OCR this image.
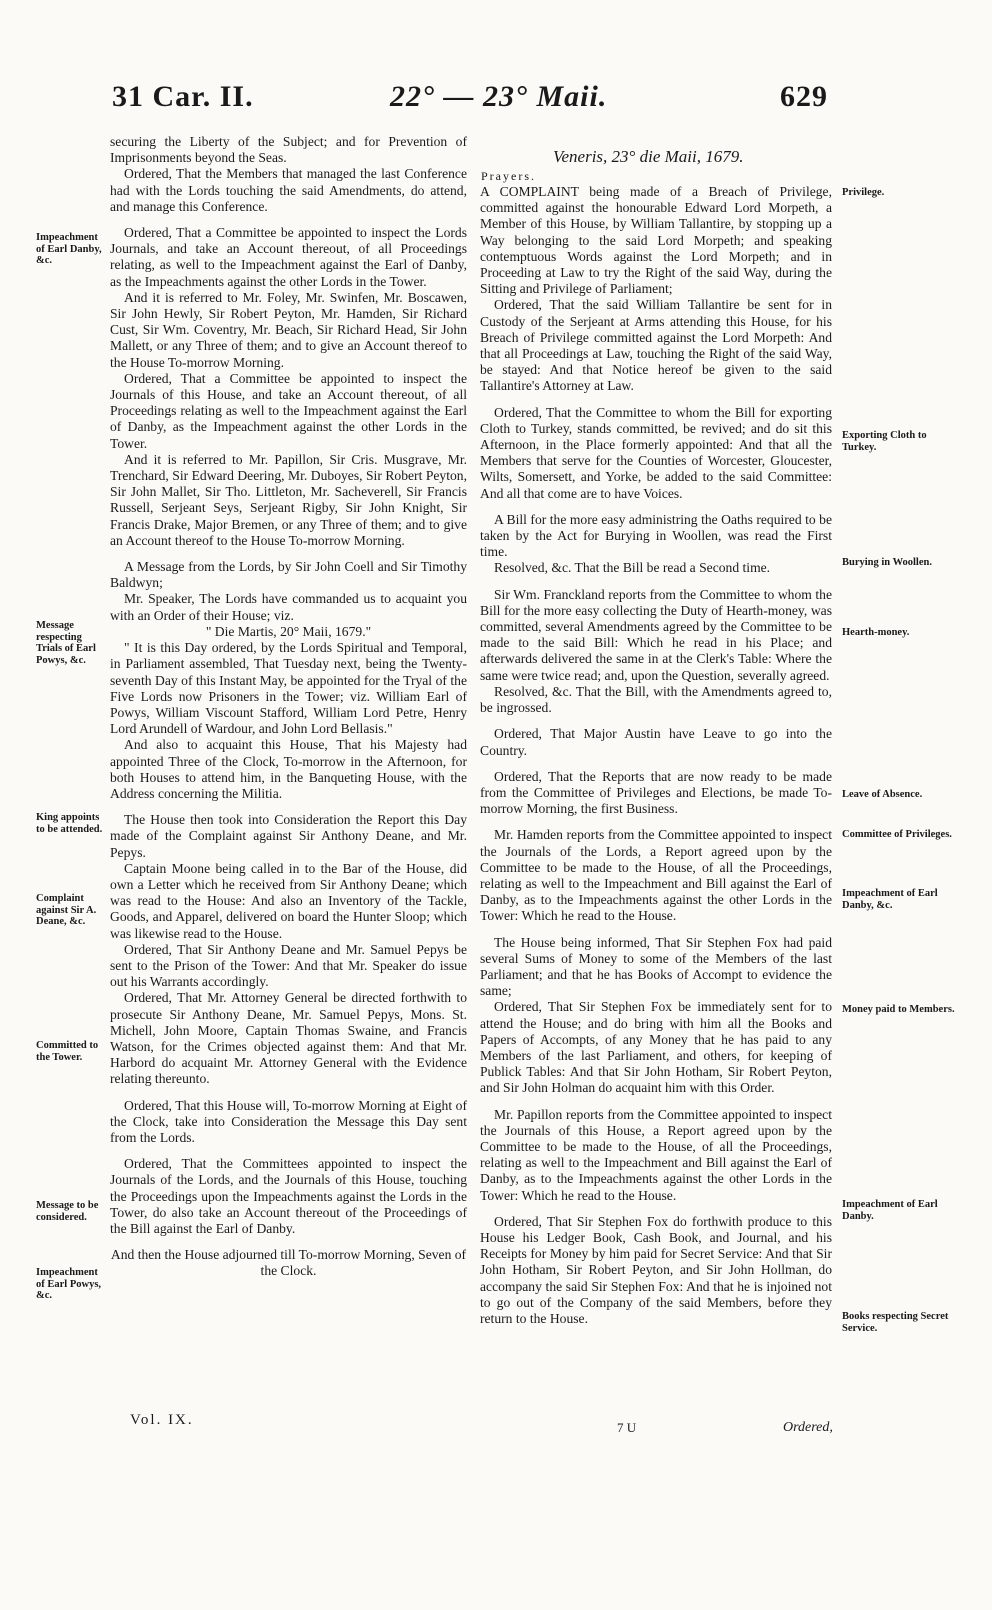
31 Car. II.	22° — 23° Maii.	629

securing the Liberty of the Subject; and for Prevention of Imprisonments beyond the Seas.

Ordered, That the Members that managed the last Conference had with the Lords touching the said Amendments, do attend, and manage this Conference.

Ordered, That a Committee be appointed to inspect the Lords Journals, and take an Account thereout, of all Proceedings relating, as well to the Impeachment against the Earl of Danby, as the Impeachments against the other Lords in the Tower.

And it is referred to Mr. Foley, Mr. Swinfen, Mr. Boscawen, Sir John Hewly, Sir Robert Peyton, Mr. Hamden, Sir Richard Cust, Sir Wm. Coventry, Mr. Beach, Sir Richard Head, Sir John Mallett, or any Three of them; and to give an Account thereof to the House To-morrow Morning.

Ordered, That a Committee be appointed to inspect the Journals of this House, and take an Account thereout, of all Proceedings relating as well to the Impeachment against the Earl of Danby, as the Impeachment against the other Lords in the Tower.

And it is referred to Mr. Papillon, Sir Cris. Musgrave, Mr. Trenchard, Sir Edward Deering, Mr. Duboyes, Sir Robert Peyton, Sir John Mallet, Sir Tho. Littleton, Mr. Sacheverell, Sir Francis Russell, Serjeant Seys, Serjeant Rigby, Sir John Knight, Sir Francis Drake, Major Bremen, or any Three of them; and to give an Account thereof to the House To-morrow Morning.

A Message from the Lords, by Sir John Coell and Sir Timothy Baldwyn;

Mr. Speaker, The Lords have commanded us to acquaint you with an Order of their House; viz.

" Die Martis, 20° Maii, 1679."

" It is this Day ordered, by the Lords Spiritual and Temporal, in Parliament assembled, That Tuesday next, being the Twenty-seventh Day of this Instant May, be appointed for the Tryal of the Five Lords now Prisoners in the Tower; viz. William Earl of Powys, William Viscount Stafford, William Lord Petre, Henry Lord Arundell of Wardour, and John Lord Bellasis."

And also to acquaint this House, That his Majesty had appointed Three of the Clock, To-morrow in the Afternoon, for both Houses to attend him, in the Banqueting House, with the Address concerning the Militia.

The House then took into Consideration the Report this Day made of the Complaint against Sir Anthony Deane, and Mr. Pepys.

Captain Moone being called in to the Bar of the House, did own a Letter which he received from Sir Anthony Deane; which was read to the House: And also an Inventory of the Tackle, Goods, and Apparel, delivered on board the Hunter Sloop; which was likewise read to the House.

Ordered, That Sir Anthony Deane and Mr. Samuel Pepys be sent to the Prison of the Tower: And that Mr. Speaker do issue out his Warrants accordingly.

Ordered, That Mr. Attorney General be directed forthwith to prosecute Sir Anthony Deane, Mr. Samuel Pepys, Mons. St. Michell, John Moore, Captain Thomas Swaine, and Francis Watson, for the Crimes objected against them: And that Mr. Harbord do acquaint Mr. Attorney General with the Evidence relating thereunto.

Ordered, That this House will, To-morrow Morning at Eight of the Clock, take into Consideration the Message this Day sent from the Lords.

Ordered, That the Committees appointed to inspect the Journals of the Lords, and the Journals of this House, touching the Proceedings upon the Impeachments against the Lords in the Tower, do also take an Account thereout of the Proceedings of the Bill against the Earl of Danby.

And then the House adjourned till To-morrow Morning, Seven of the Clock.

Impeachment of Earl Danby, &c.
Message respecting Trials of Earl Powys, &c.
King appoints to be attended.
Complaint against Sir A. Deane, &c.
Committed to the Tower.
Message to be considered.
Impeachment of Earl Powys, &c.
Veneris, 23° die Maii, 1679.
Prayers.

A COMPLAINT being made of a Breach of Privilege, committed against the honourable Edward Lord Morpeth, a Member of this House, by William Tallantire, by stopping up a Way belonging to the said Lord Morpeth; and speaking contemptuous Words against the Lord Morpeth; and in Proceeding at Law to try the Right of the said Way, during the Sitting and Privilege of Parliament;

Ordered, That the said William Tallantire be sent for in Custody of the Serjeant at Arms attending this House, for his Breach of Privilege committed against the Lord Morpeth: And that all Proceedings at Law, touching the Right of the said Way, be stayed: And that Notice hereof be given to the said Tallantire's Attorney at Law.

Ordered, That the Committee to whom the Bill for exporting Cloth to Turkey, stands committed, be revived; and do sit this Afternoon, in the Place formerly appointed: And that all the Members that serve for the Counties of Worcester, Gloucester, Wilts, Somersett, and Yorke, be added to the said Committee: And all that come are to have Voices.

A Bill for the more easy administring the Oaths required to be taken by the Act for Burying in Woollen, was read the First time.

Resolved, &c. That the Bill be read a Second time.

Sir Wm. Franckland reports from the Committee to whom the Bill for the more easy collecting the Duty of Hearth-money, was committed, several Amendments agreed by the Committee to be made to the said Bill: Which he read in his Place; and afterwards delivered the same in at the Clerk's Table: Where the same were twice read; and, upon the Question, severally agreed.

Resolved, &c. That the Bill, with the Amendments agreed to, be ingrossed.

Ordered, That Major Austin have Leave to go into the Country.

Ordered, That the Reports that are now ready to be made from the Committee of Privileges and Elections, be made To-morrow Morning, the first Business.

Mr. Hamden reports from the Committee appointed to inspect the Journals of the Lords, a Report agreed upon by the Committee to be made to the House, of all the Proceedings, relating as well to the Impeachment and Bill against the Earl of Danby, as to the Impeachments against the other Lords in the Tower: Which he read to the House.

The House being informed, That Sir Stephen Fox had paid several Sums of Money to some of the Members of the last Parliament; and that he has Books of Accompt to evidence the same;

Ordered, That Sir Stephen Fox be immediately sent for to attend the House; and do bring with him all the Books and Papers of Accompts, of any Money that he has paid to any Members of the last Parliament, and others, for keeping of Publick Tables: And that Sir John Hotham, Sir Robert Peyton, and Sir John Holman do acquaint him with this Order.

Mr. Papillon reports from the Committee appointed to inspect the Journals of this House, a Report agreed upon by the Committee to be made to the House, of all the Proceedings, relating as well to the Impeachment and Bill against the Earl of Danby, as to the Impeachments against the other Lords in the Tower: Which he read to the House.

Ordered, That Sir Stephen Fox do forthwith produce to this House his Ledger Book, Cash Book, and Journal, and his Receipts for Money by him paid for Secret Service: And that Sir John Hotham, Sir Robert Peyton, and Sir John Hollman, do accompany the said Sir Stephen Fox: And that he is injoined not to go out of the Company of the said Members, before they return to the House.

Privilege.
Exporting Cloth to Turkey.
Burying in Woollen.
Hearth-money.
Leave of Absence.
Committee of Privileges.
Impeachment of Earl Danby, &c.
Money paid to Members.
Impeachment of Earl Danby.
Books respecting Secret Service.
Vol. IX.	7 U	Ordered,
